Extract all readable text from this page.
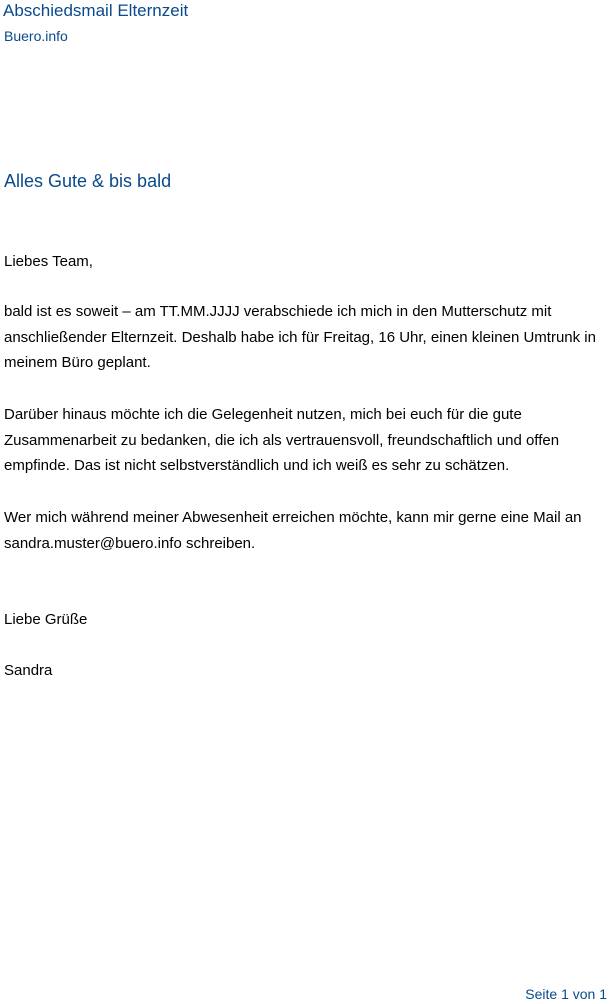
Abschiedsmail Elternzeit
Buero.info
Alles Gute & bis bald

Liebes Team,

bald ist es soweit – am TT.MM.JJJJ verabschiede ich mich in den Mutterschutz mit anschließender Elternzeit. Deshalb habe ich für Freitag, 16 Uhr, einen kleinen Umtrunk in meinem Büro geplant.

Darüber hinaus möchte ich die Gelegenheit nutzen, mich bei euch für die gute Zusammenarbeit zu bedanken, die ich als vertrauensvoll, freundschaftlich und offen empfinde. Das ist nicht selbstverständlich und ich weiß es sehr zu schätzen.

Wer mich während meiner Abwesenheit erreichen möchte, kann mir gerne eine Mail an sandra.muster@buero.info schreiben.

Liebe Grüße

Sandra

Seite 1 von 1
